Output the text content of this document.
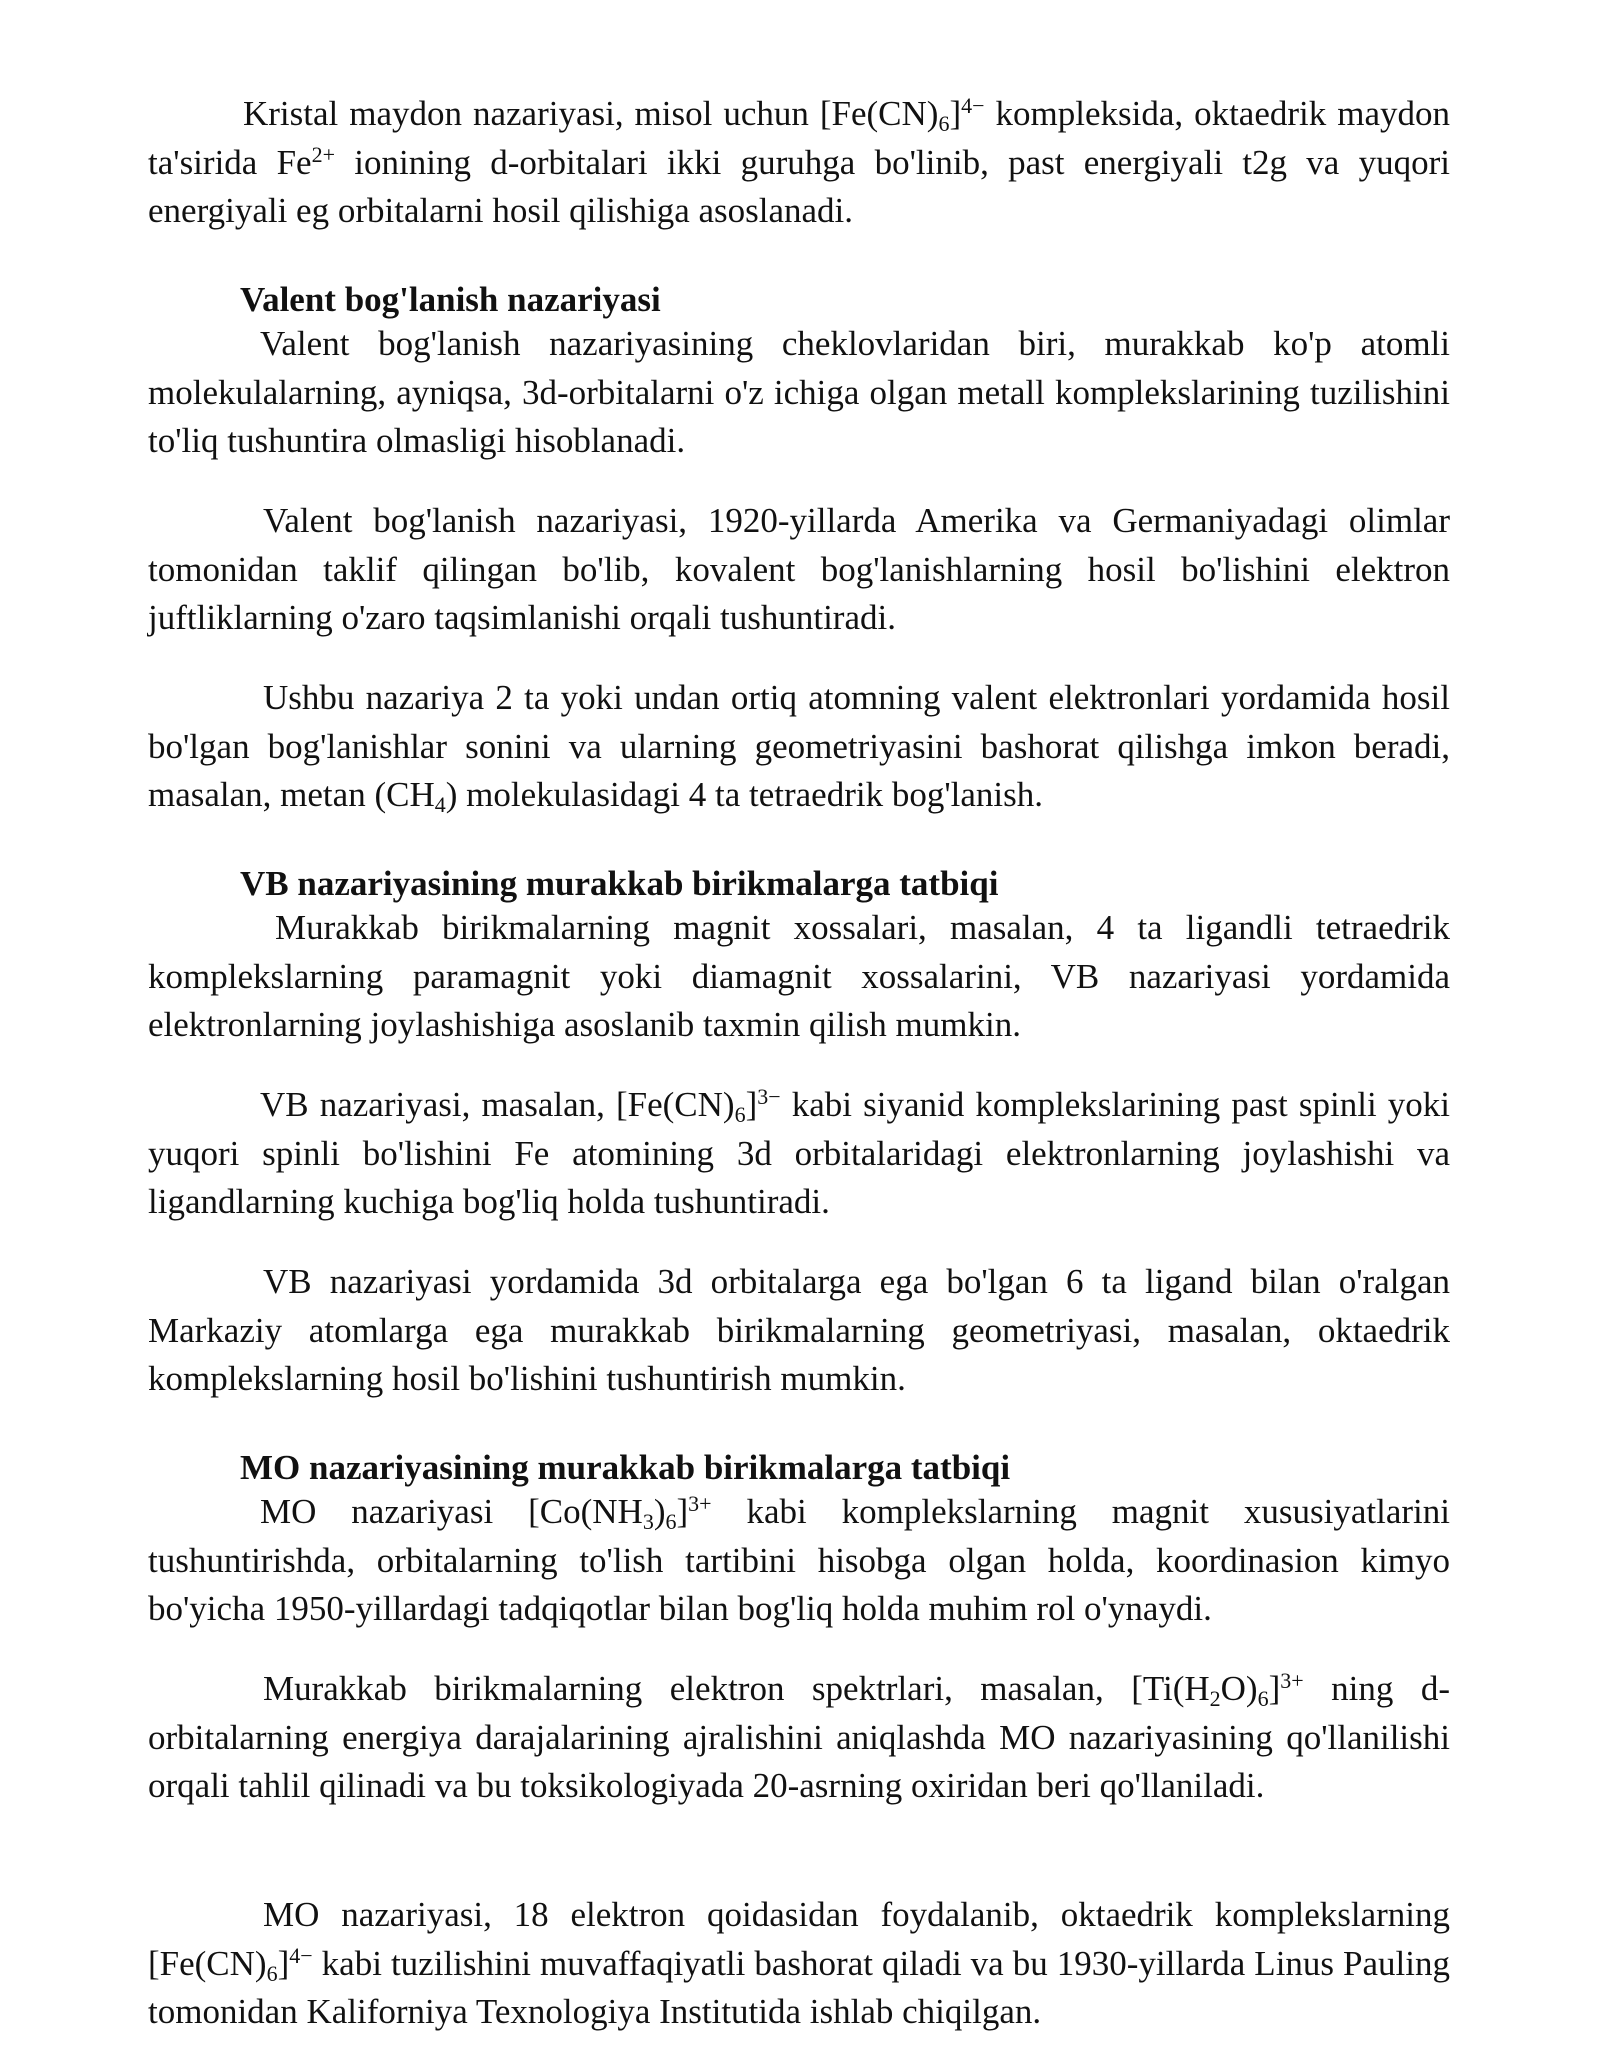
Kristal maydon nazariyasi, misol uchun $[Fe(CN)_6]^{4-}$ kompleksida, oktaedrik maydon ta'sirida $Fe^{2+}$ ionining d-orbitalari ikki guruhga bo'linib, past energiyali t2g va yuqori energiyali eg orbitalarni hosil qilishiga asoslanadi.

Valent bog'lanish nazariyasi

Valent bog'lanish nazariyasining cheklovlaridan biri, murakkab ko'p atomli molekulalarning, ayniqsa, 3d-orbitalarni o'z ichiga olgan metall komplekslarining tuzilishini to'liq tushuntira olmasligi hisoblanadi.

Valent bog'lanish nazariyasi, 1920-yillarda Amerika va Germaniyadagi olimlar tomonidan taklif qilingan bo'lib, kovalent bog'lanishlarning hosil bo'lishini elektron juftliklarning o'zaro taqsimlanishi orqali tushuntiradi.

Ushbu nazariya 2 ta yoki undan ortiq atomning valent elektronlari yordamida hosil bo'lgan bog'lanishlar sonini va ularning geometriyasini bashorat qilishga imkon beradi, masalan, metan $(CH_4)$ molekulasidagi 4 ta tetraedrik bog'lanish.

VB nazariyasining murakkab birikmalarga tatbiqi

Murakkab birikmalarning magnit xossalari, masalan, 4 ta ligandli tetraedrik komplekslarning paramagnit yoki diamagnit xossalarini, VB nazariyasi yordamida elektronlarning joylashishiga asoslanib taxmin qilish mumkin.

VB nazariyasi, masalan, $[Fe(CN)_6]^{3-}$ kabi siyanid komplekslarining past spinli yoki yuqori spinli bo'lishini Fe atomining 3d orbitalaridagi elektronlarning joylashishi va ligandlarning kuchiga bog'liq holda tushuntiradi.

VB nazariyasi yordamida 3d orbitalarga ega bo'lgan 6 ta ligand bilan o'ralgan Markaziy atomlarga ega murakkab birikmalarning geometriyasi, masalan, oktaedrik komplekslarning hosil bo'lishini tushuntirish mumkin.

MO nazariyasining murakkab birikmalarga tatbiqi

MO nazariyasi $[Co(NH_3)_6]^{3+}$ kabi komplekslarning magnit xususiyatlarini tushuntirishda, orbitalarning to'lish tartibini hisobga olgan holda, koordinasion kimyo bo'yicha 1950-yillardagi tadqiqotlar bilan bog'liq holda muhim rol o'ynaydi.

Murakkab birikmalarning elektron spektrlari, masalan, $[Ti(H_2O)_6]^{3+}$ ning d-orbitalarning energiya darajalarining ajralishini aniqlashda MO nazariyasining qo'llanilishi orqali tahlil qilinadi va bu toksikologiyada 20-asrning oxiridan beri qo'llaniladi.

MO nazariyasi, 18 elektron qoidasidan foydalanib, oktaedrik komplekslarning $[Fe(CN)_6]^{4-}$ kabi tuzilishini muvaffaqiyatli bashorat qiladi va bu 1930-yillarda Linus Pauling tomonidan Kaliforniya Texnologiya Institutida ishlab chiqilgan.
